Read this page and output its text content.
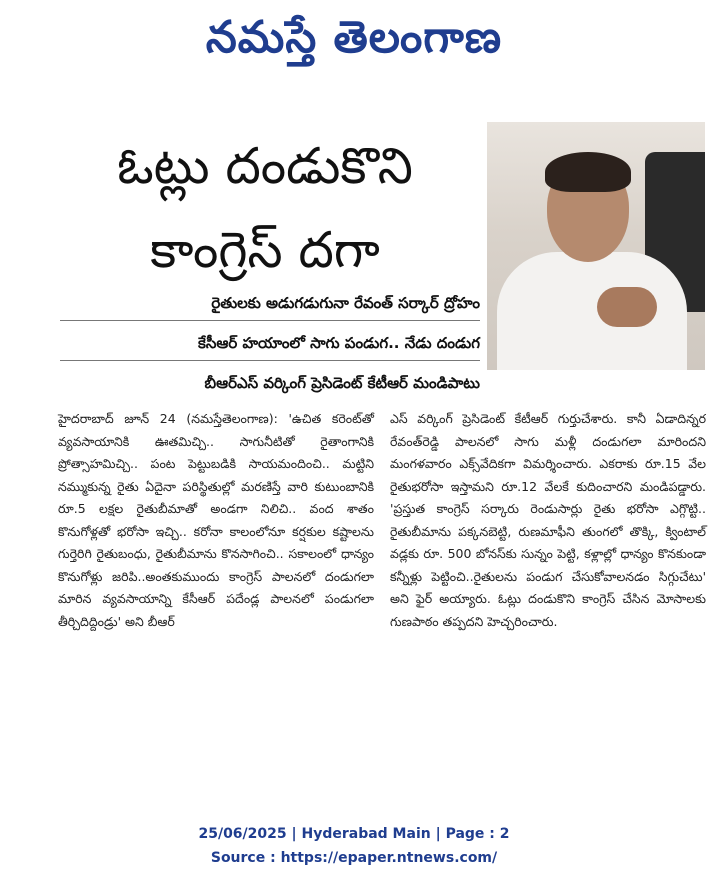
నమస్తే తెలంగాణ
ఓట్లు దండుకొని
కాంగ్రెస్ దగా
రైతులకు అడుగడుగునా రేవంత్ సర్కార్ ద్రోహం
కేసీఆర్ హయాంలో సాగు పండుగ.. నేడు దండుగ
బీఆర్ఎస్ వర్కింగ్ ప్రెసిడెంట్ కేటీఆర్ మండిపాటు
హైదరాబాద్ జూన్ 24 (నమస్తేతెలంగాణ): 'ఉచిత కరెంట్‌తో వ్యవసాయానికి ఊతమిచ్చి.. సాగునీటితో రైతాంగానికి ప్రోత్సాహమిచ్చి.. పంట పెట్టుబడికి సాయమందించి.. మట్టిని నమ్ముకున్న రైతు ఏదైనా పరిస్థితుల్లో మరణిస్తే వారి కుటుంబానికి రూ.5 లక్షల రైతుబీమాతో అండగా నిలిచి.. వంద శాతం కొనుగోళ్లతో భరోసా ఇచ్చి.. కరోనా కాలంలోనూ కర్షకుల కష్టాలను గుర్తెరిగి రైతుబంధు, రైతుబీమాను కొనసాగించి.. సకాలంలో ధాన్యం కొనుగోళ్లు జరిపి..అంతకుముందు కాంగ్రెస్ పాలనలో దండుగలా మారిన వ్యవసాయాన్ని కేసీఆర్ పదేండ్ల పాలనలో పండుగలా తీర్చిదిద్దిండ్రు' అని బీఆర్
ఎస్ వర్కింగ్ ప్రెసిడెంట్ కేటీఆర్ గుర్తుచేశారు. కానీ ఏడాదిన్నర రేవంత్‌రెడ్డి పాలనలో సాగు మళ్లీ దండుగలా మారిందని మంగళవారం ఎక్స్‌వేదికగా విమర్శించారు. ఎకరాకు రూ.15 వేల రైతుభరోసా ఇస్తామని రూ.12 వేలకే కుదించారని మండిపడ్డారు. 'ప్రస్తుత కాంగ్రెస్ సర్కారు రెండుసార్లు రైతు భరోసా ఎగ్గొట్టి.. రైతుబీమాను పక్కనబెట్టి, రుణమాఫీని తుంగలో తొక్కి, క్వింటాల్ వడ్లకు రూ. 500 బోనస్‌కు సున్నం పెట్టి, కళ్లాల్లో ధాన్యం కొనకుండా కన్నీళ్లు పెట్టించి..రైతులను పండుగ చేసుకోవాలనడం సిగ్గుచేటు' అని ఫైర్ అయ్యారు. ఓట్లు దండుకొని కాంగ్రెస్ చేసిన మోసాలకు గుణపాఠం తప్పదని హెచ్చరించారు.
25/06/2025 | Hyderabad Main | Page : 2
Source : https://epaper.ntnews.com/
